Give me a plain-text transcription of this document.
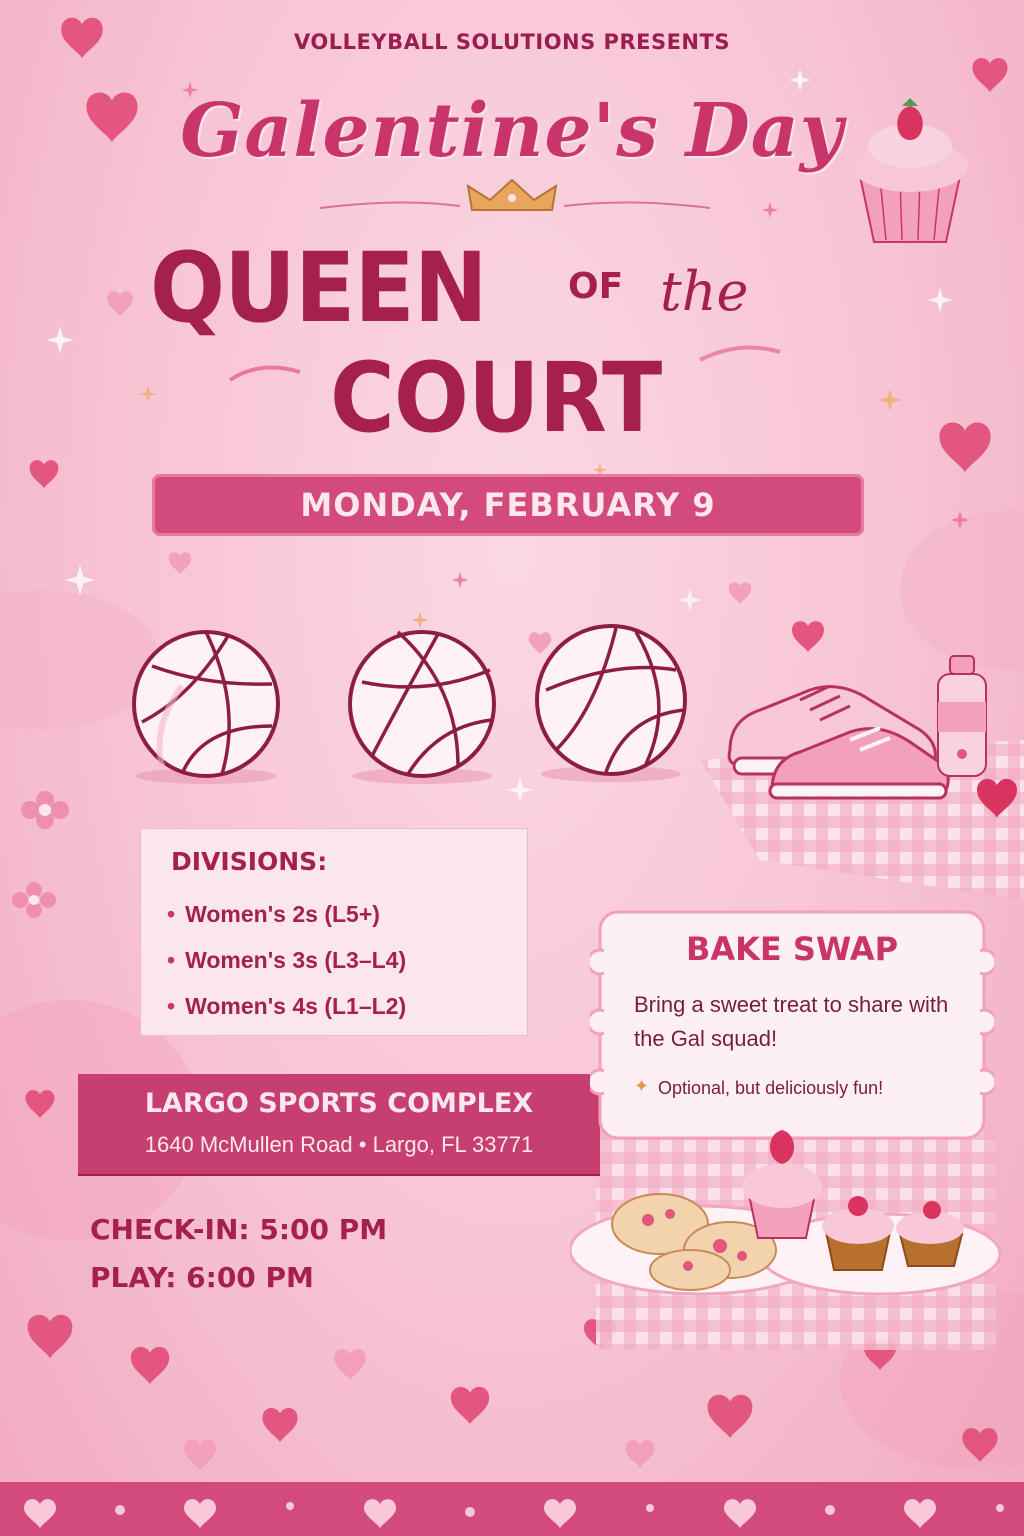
VOLLEYBALL SOLUTIONS PRESENTS
Galentine's Day
QUEEN OF the
COURT
MONDAY, FEBRUARY 9
DIVISIONS:
• Women's 2s (L5+)
• Women's 3s (L3–L4)
• Women's 4s (L1–L2)
LARGO SPORTS COMPLEX
1640 McMullen Road • Largo, FL 33771
CHECK-IN: 5:00 PM
PLAY: 6:00 PM
BAKE SWAP
Bring a sweet treat to share with the Gal squad!
✦ Optional, but deliciously fun!
